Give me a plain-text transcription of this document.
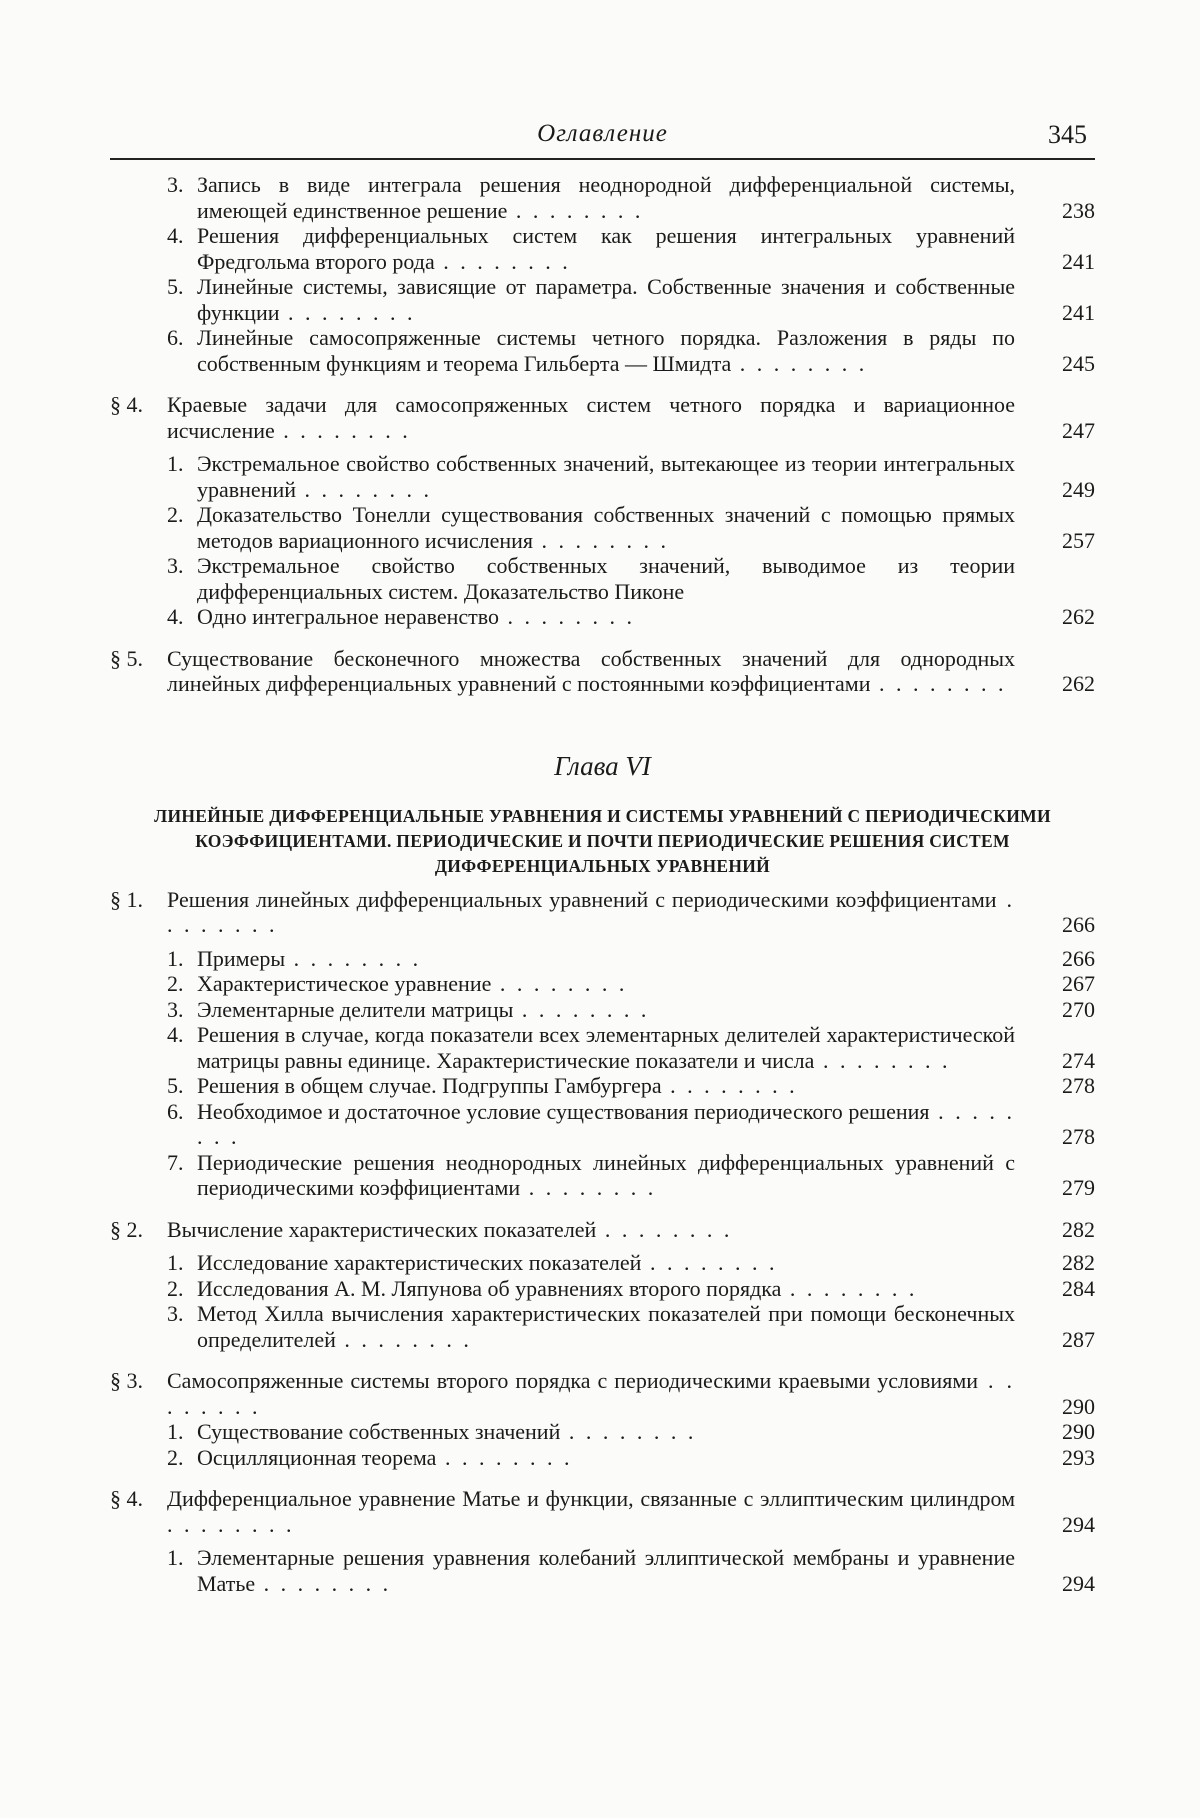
Оглавление	345
3. Запись в виде интеграла решения неоднородной дифференциальной системы, имеющей единственное решение . . . . . . . .	238
4. Решения дифференциальных систем как решения интегральных уравнений Фредгольма второго рода . . . . . . . .	241
5. Линейные системы, зависящие от параметра. Собственные значения и собственные функции . . . . . . . .	241
6. Линейные самосопряженные системы четного порядка. Разложения в ряды по собственным функциям и теорема Гильберта — Шмидта . . . . . . . .	245
§ 4. Краевые задачи для самосопряженных систем четного порядка и вариационное исчисление . . . . . . . .	247
1. Экстремальное свойство собственных значений, вытекающее из теории интегральных уравнений . . . . . . . .	249
2. Доказательство Тонелли существования собственных значений с помощью прямых методов вариационного исчисления . . . . . . . .	257
3. Экстремальное свойство собственных значений, выводимое из теории дифференциальных систем. Доказательство Пиконе
4. Одно интегральное неравенство . . . . . . . .	262
§ 5. Существование бесконечного множества собственных значений для однородных линейных дифференциальных уравнений с постоянными коэффициентами . . . . . . . .	262
Глава VI
ЛИНЕЙНЫЕ ДИФФЕРЕНЦИАЛЬНЫЕ УРАВНЕНИЯ И СИСТЕМЫ УРАВНЕНИЙ С ПЕРИОДИЧЕСКИМИ КОЭФФИЦИЕНТАМИ. ПЕРИОДИЧЕСКИЕ И ПОЧТИ ПЕРИОДИЧЕСКИЕ РЕШЕНИЯ СИСТЕМ ДИФФЕРЕНЦИАЛЬНЫХ УРАВНЕНИЙ
§ 1. Решения линейных дифференциальных уравнений с периодическими коэффициентами . . . . . . . .	266
1. Примеры . . . . . . . .	266
2. Характеристическое уравнение . . . . . . . .	267
3. Элементарные делители матрицы . . . . . . . .	270
4. Решения в случае, когда показатели всех элементарных делителей характеристической матрицы равны единице. Характеристические показатели и числа . . . . . . . .	274
5. Решения в общем случае. Подгруппы Гамбургера . . . . . . . .	278
6. Необходимое и достаточное условие существования периодического решения . . . . . . . .	278
7. Периодические решения неоднородных линейных дифференциальных уравнений с периодическими коэффициентами . . . . . . . .	279
§ 2. Вычисление характеристических показателей . . . . . . . .	282
1. Исследование характеристических показателей . . . . . . . .	282
2. Исследования А. М. Ляпунова об уравнениях второго порядка . . . . . . . .	284
3. Метод Хилла вычисления характеристических показателей при помощи бесконечных определителей . . . . . . . .	287
§ 3. Самосопряженные системы второго порядка с периодическими краевыми условиями . . . . . . . .	290
1. Существование собственных значений . . . . . . . .	290
2. Осцилляционная теорема . . . . . . . .	293
§ 4. Дифференциальное уравнение Матье и функции, связанные с эллиптическим цилиндром . . . . . . . .	294
1. Элементарные решения уравнения колебаний эллиптической мембраны и уравнение Матье . . . . . . . .	294
